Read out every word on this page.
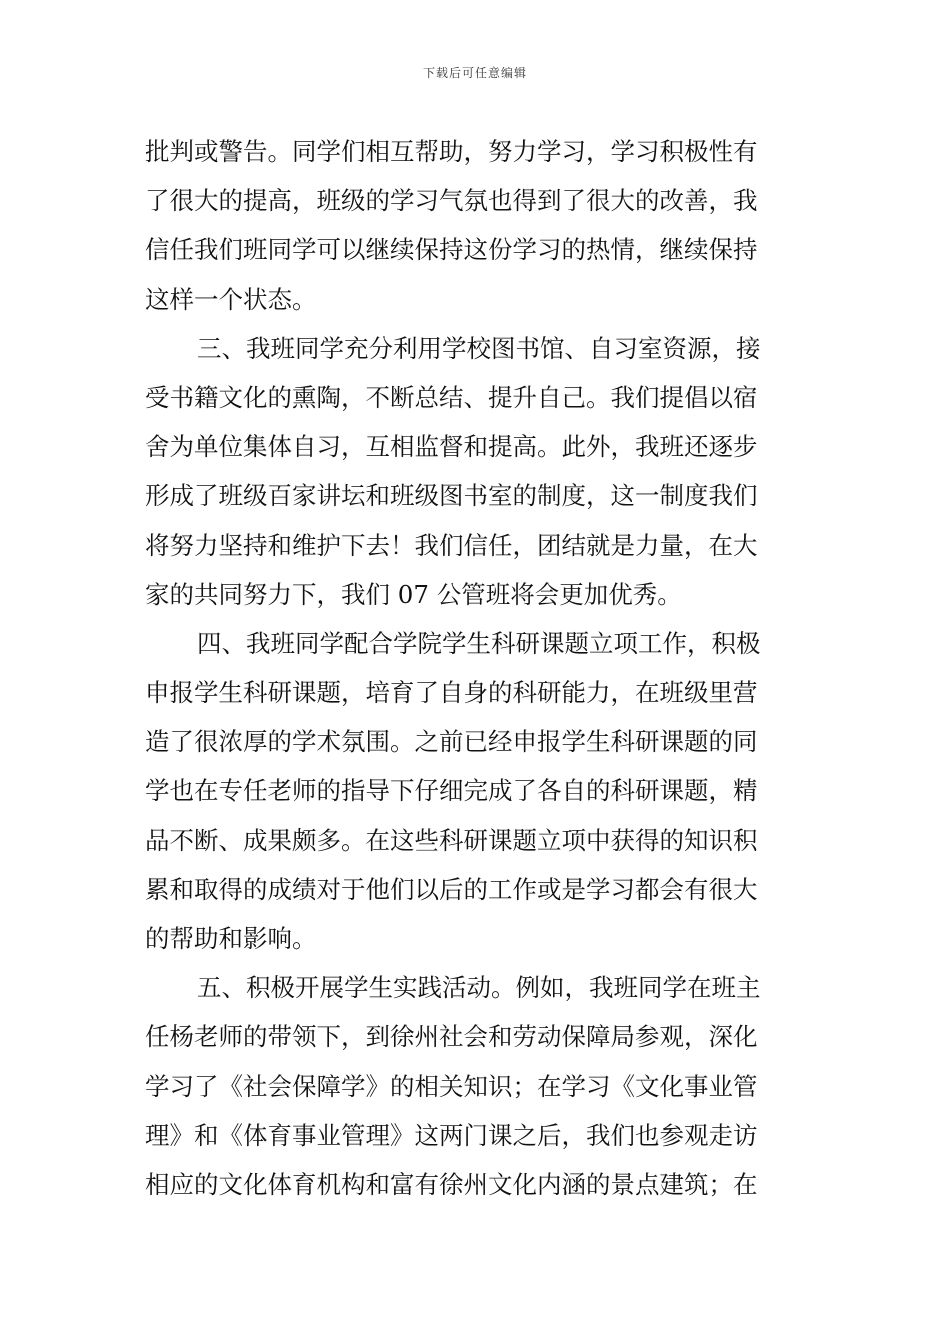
下载后可任意编辑
批判或警告。同学们相互帮助，努力学习，学习积极性有
了很大的提高，班级的学习气氛也得到了很大的改善，我
信任我们班同学可以继续保持这份学习的热情，继续保持
这样一个状态。
三、我班同学充分利用学校图书馆、自习室资源，接
受书籍文化的熏陶，不断总结、提升自己。我们提倡以宿
舍为单位集体自习，互相监督和提高。此外，我班还逐步
形成了班级百家讲坛和班级图书室的制度，这一制度我们
将努力坚持和维护下去！我们信任，团结就是力量，在大
家的共同努力下，我们 07 公管班将会更加优秀。
四、我班同学配合学院学生科研课题立项工作，积极
申报学生科研课题，培育了自身的科研能力，在班级里营
造了很浓厚的学术氛围。之前已经申报学生科研课题的同
学也在专任老师的指导下仔细完成了各自的科研课题，精
品不断、成果颇多。在这些科研课题立项中获得的知识积
累和取得的成绩对于他们以后的工作或是学习都会有很大
的帮助和影响。
五、积极开展学生实践活动。例如，我班同学在班主
任杨老师的带领下，到徐州社会和劳动保障局参观，深化
学习了《社会保障学》的相关知识；在学习《文化事业管
理》和《体育事业管理》这两门课之后，我们也参观走访
相应的文化体育机构和富有徐州文化内涵的景点建筑；在
